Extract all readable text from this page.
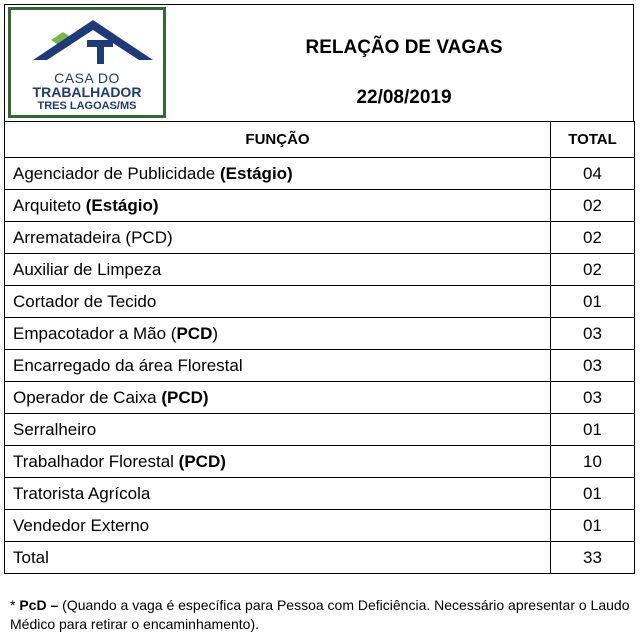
CASA DO
TRABALHADOR
TRES LAGOAS/MS
RELAÇÃO DE VAGAS
22/08/2019
FUNÇÃO	TOTAL
Agenciador de Publicidade (Estágio)	04
Arquiteto (Estágio)	02
Arrematadeira (PCD)	02
Auxiliar de Limpeza	02
Cortador de Tecido	01
Empacotador a Mão (PCD)	03
Encarregado da área Florestal	03
Operador de Caixa (PCD)	03
Serralheiro	01
Trabalhador Florestal (PCD)	10
Tratorista Agrícola	01
Vendedor Externo	01
Total	33
* PcD – (Quando a vaga é específica para Pessoa com Deficiência. Necessário apresentar o Laudo Médico para retirar o encaminhamento).
